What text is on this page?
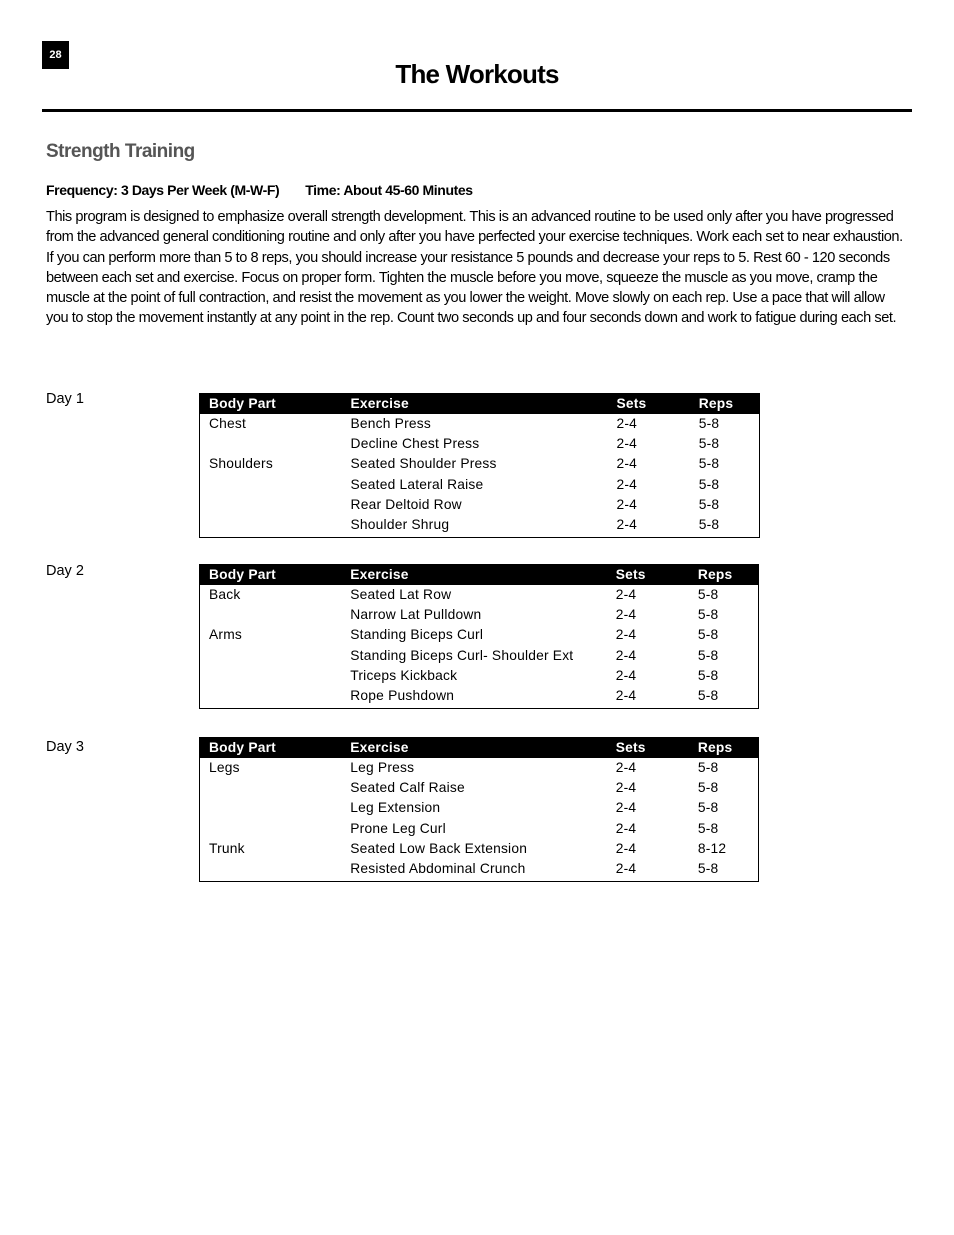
28
The Workouts
Strength Training
Frequency: 3 Days Per Week (M-W-F) Time: About 45-60 Minutes

This program is designed to emphasize overall strength development. This is an advanced routine to be used only after you have progressed from the advanced general conditioning routine and only after you have perfected your exercise techniques. Work each set to near exhaustion. If you can perform more than 5 to 8 reps, you should increase your resistance 5 pounds and decrease your reps to 5. Rest 60 - 120 seconds between each set and exercise. Focus on proper form. Tighten the muscle before you move, squeeze the muscle as you move, cramp the muscle at the point of full contraction, and resist the movement as you lower the weight. Move slowly on each rep. Use a pace that will allow you to stop the movement instantly at any point in the rep. Count two seconds up and four seconds down and work to fatigue during each set.

Day 1	Body Part	Exercise	Sets	Reps
Chest	Bench Press	2-4	5-8
	Decline Chest Press	2-4	5-8
Shoulders	Seated Shoulder Press	2-4	5-8
	Seated Lateral Raise	2-4	5-8
	Rear Deltoid Row	2-4	5-8
	Shoulder Shrug	2-4	5-8
Day 2	Body Part	Exercise	Sets	Reps
Back	Seated Lat Row	2-4	5-8
	Narrow Lat Pulldown	2-4	5-8
Arms	Standing Biceps Curl	2-4	5-8
	Standing Biceps Curl- Shoulder Ext	2-4	5-8
	Triceps Kickback	2-4	5-8
	Rope Pushdown	2-4	5-8
Day 3	Body Part	Exercise	Sets	Reps
Legs	Leg Press	2-4	5-8
	Seated Calf Raise	2-4	5-8
	Leg Extension	2-4	5-8
	Prone Leg Curl	2-4	5-8
Trunk	Seated Low Back Extension	2-4	8-12
	Resisted Abdominal Crunch	2-4	5-8
